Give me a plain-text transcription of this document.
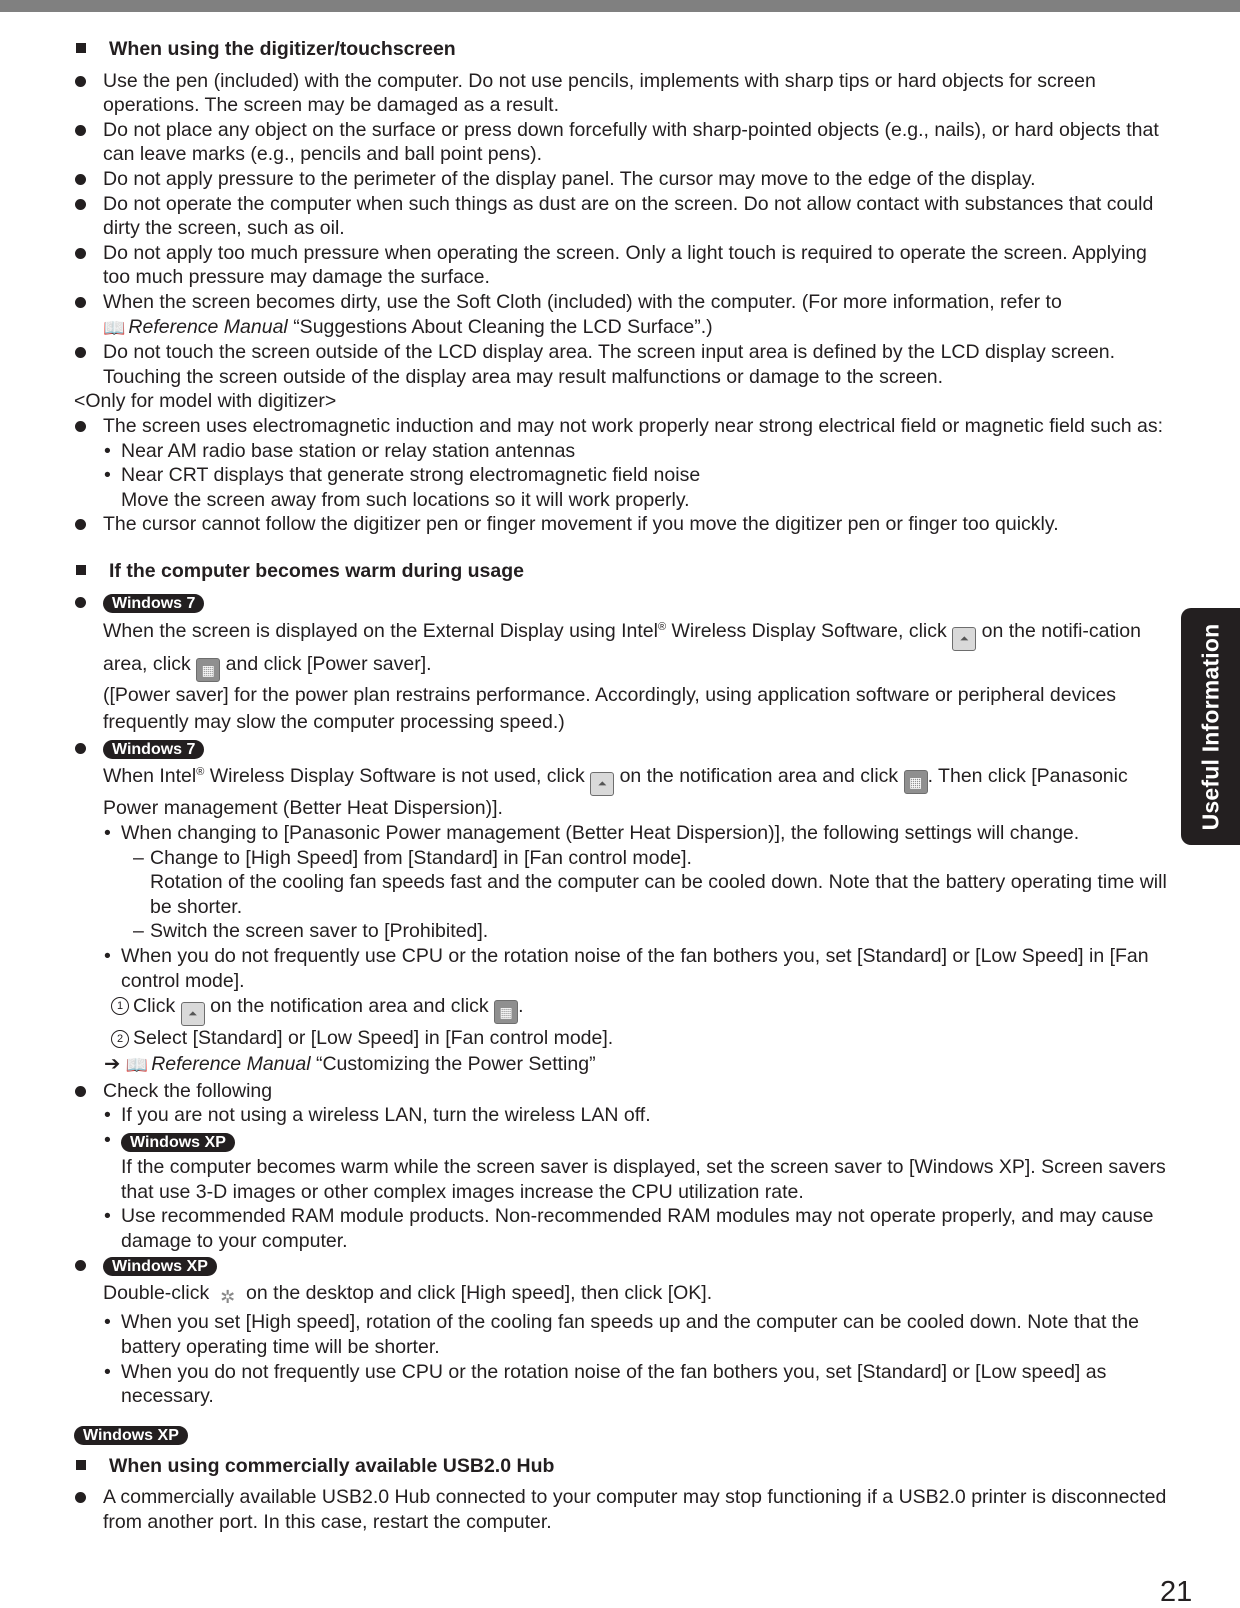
Useful Information
When using the digitizer/touchscreen
Use the pen (included) with the computer. Do not use pencils, implements with sharp tips or hard objects for screen operations. The screen may be damaged as a result.
Do not place any object on the surface or press down forcefully with sharp-pointed objects (e.g., nails), or hard objects that can leave marks (e.g., pencils and ball point pens).
Do not apply pressure to the perimeter of the display panel. The cursor may move to the edge of the display.
Do not operate the computer when such things as dust are on the screen. Do not allow contact with substances that could dirty the screen, such as oil.
Do not apply too much pressure when operating the screen. Only a light touch is required to operate the screen. Applying too much pressure may damage the surface.
When the screen becomes dirty, use the Soft Cloth (included) with the computer. (For more information, refer to
📖 Reference Manual “Suggestions About Cleaning the LCD Surface”.)
Do not touch the screen outside of the LCD display area. The screen input area is defined by the LCD display screen. Touching the screen outside of the display area may result malfunctions or damage to the screen.
<Only for model with digitizer>
The screen uses electromagnetic induction and may not work properly near strong electrical field or magnetic field such as:
• Near AM radio base station or relay station antennas
• Near CRT displays that generate strong electromagnetic field noise
Move the screen away from such locations so it will work properly.
The cursor cannot follow the digitizer pen or finger movement if you move the digitizer pen or finger too quickly.
If the computer becomes warm during usage
Windows 7
When the screen is displayed on the External Display using Intel® Wireless Display Software, click ⏶ on the notifi-cation area, click ▦ and click [Power saver].
([Power saver] for the power plan restrains performance. Accordingly, using application software or peripheral devices frequently may slow the computer processing speed.)
Windows 7
When Intel® Wireless Display Software is not used, click ⏶ on the notification area and click ▦ . Then click [Panasonic Power management (Better Heat Dispersion)].
• When changing to [Panasonic Power management (Better Heat Dispersion)], the following settings will change.
– Change to [High Speed] from [Standard] in [Fan control mode].
Rotation of the cooling fan speeds fast and the computer can be cooled down. Note that the battery operating time will be shorter.
– Switch the screen saver to [Prohibited].
• When you do not frequently use CPU or the rotation noise of the fan bothers you, set [Standard] or [Low Speed] in [Fan control mode].
1 Click ⏶ on the notification area and click ▦ .
2 Select [Standard] or [Low Speed] in [Fan control mode].
➔ 📖 Reference Manual “Customizing the Power Setting”
Check the following
• If you are not using a wireless LAN, turn the wireless LAN off.
• Windows XP
If the computer becomes warm while the screen saver is displayed, set the screen saver to [Windows XP]. Screen savers that use 3-D images or other complex images increase the CPU utilization rate.
• Use recommended RAM module products. Non-recommended RAM modules may not operate properly, and may cause damage to your computer.
Windows XP
Double-click ✲ on the desktop and click [High speed], then click [OK].
• When you set [High speed], rotation of the cooling fan speeds up and the computer can be cooled down. Note that the battery operating time will be shorter.
• When you do not frequently use CPU or the rotation noise of the fan bothers you, set [Standard] or [Low speed] as necessary.
Windows XP
When using commercially available USB2.0 Hub
A commercially available USB2.0 Hub connected to your computer may stop functioning if a USB2.0 printer is disconnected from another port. In this case, restart the computer.
21
